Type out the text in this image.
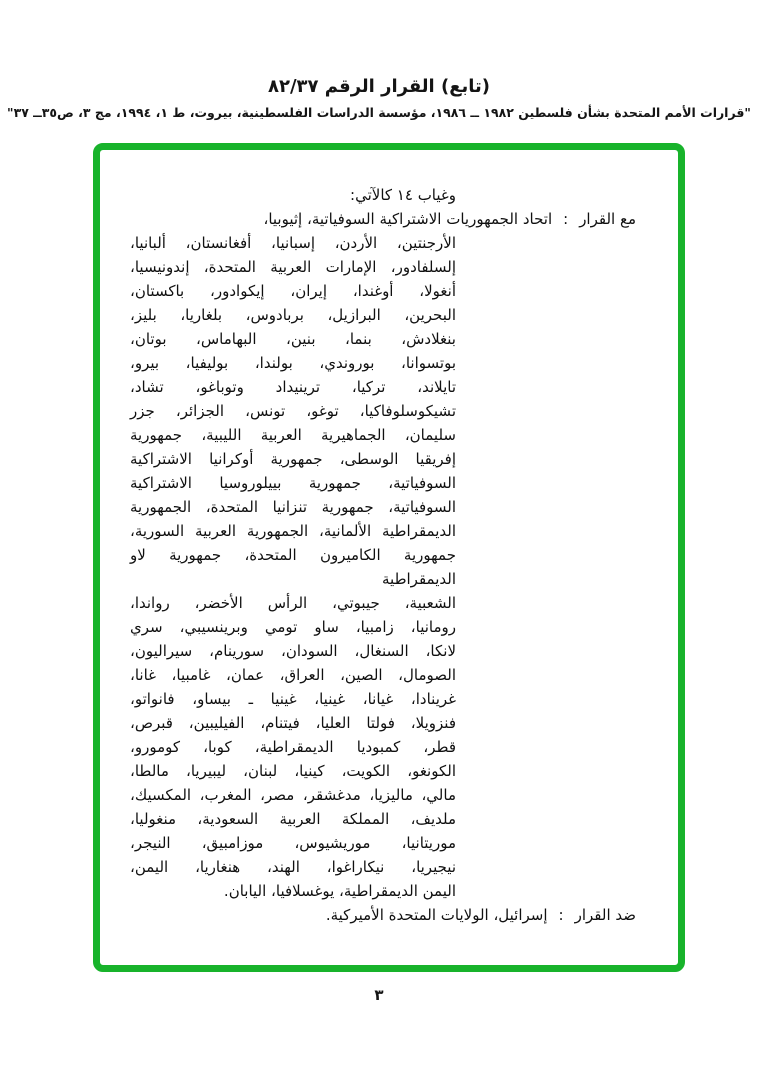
(تابع) القرار الرقم ٨٢/٣٧
"قرارات الأمم المتحدة بشأن فلسطين ١٩٨٢ ــ ١٩٨٦، مؤسسة الدراسات الفلسطينية، بيروت، ط ١، ١٩٩٤، مج ٣، ص٣٥ــ ٣٧"
وغياب ١٤ كالآتي:
مع القرار:اتحاد الجمهوريات الاشتراكية السوفياتية، إثيوبيا،
الأرجنتين، الأردن، إسبانيا، أفغانستان، ألبانيا،
إلسلفادور، الإمارات العربية المتحدة، إندونيسيا،
أنغولا، أوغندا، إيران، إيكوادور، باكستان،
البحرين، البرازيل، بربادوس، بلغاريا، بليز،
بنغلادش، بنما، بنين، البهاماس، بوتان،
بوتسوانا، بوروندي، بولندا، بوليفيا، بيرو،
تايلاند، تركيا، ترينيداد وتوباغو، تشاد،
تشيكوسلوفاكيا، توغو، تونس، الجزائر، جزر
سليمان، الجماهيرية العربية الليبية، جمهورية
إفريقيا الوسطى، جمهورية أوكرانيا الاشتراكية
السوفياتية، جمهورية بييلوروسيا الاشتراكية
السوفياتية، جمهورية تنزانيا المتحدة، الجمهورية
الديمقراطية الألمانية، الجمهورية العربية السورية،
جمهورية الكاميرون المتحدة، جمهورية لاو الديمقراطية
الشعبية، جيبوتي، الرأس الأخضر، رواندا،
رومانيا، زامبيا، ساو تومي وبرينسيبي، سري
لانكا، السنغال، السودان، سورينام، سيراليون،
الصومال، الصين، العراق، عمان، غامبيا، غانا،
غرينادا، غيانا، غينيا، غينيا ـ بيساو، فانواتو،
فنزويلا، فولتا العليا، فيتنام، الفيليبين، قبرص،
قطر، كمبوديا الديمقراطية، كوبا، كومورو،
الكونغو، الكويت، كينيا، لبنان، ليبيريا، مالطا،
مالي، ماليزيا، مدغشقر، مصر، المغرب، المكسيك،
ملديف، المملكة العربية السعودية، منغوليا،
موريتانيا، موريشيوس، موزامبيق، النيجر،
نيجيريا، نيكاراغوا، الهند، هنغاريا، اليمن،
اليمن الديمقراطية، يوغسلافيا، اليابان.
ضد القرار:إسرائيل، الولايات المتحدة الأميركية.
٣
